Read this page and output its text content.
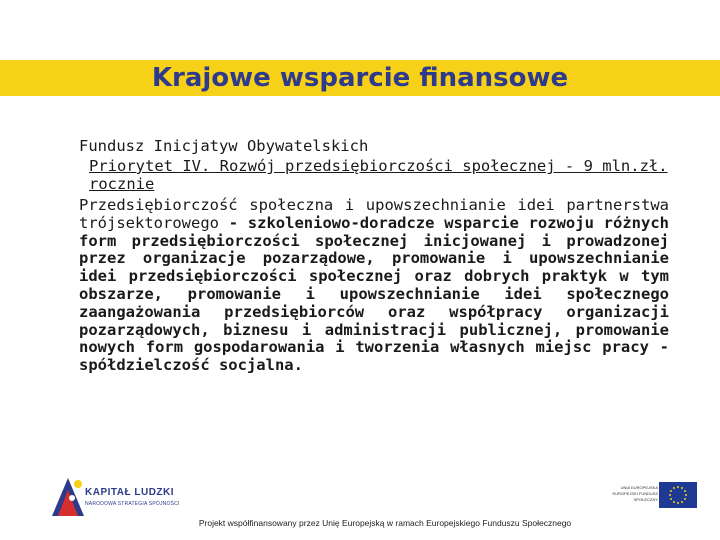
Krajowe wsparcie finansowe
Fundusz Inicjatyw Obywatelskich
Priorytet IV. Rozwój przedsiębiorczości społecznej - 9 mln.zł. rocznie
Przedsiębiorczość społeczna i upowszechnianie idei partnerstwa trójsektorowego - szkoleniowo-doradcze wsparcie rozwoju różnych form przedsiębiorczości społecznej inicjowanej i prowadzonej przez organizacje pozarządowe, promowanie i upowszechnianie idei przedsiębiorczości społecznej oraz dobrych praktyk w tym obszarze, promowanie i upowszechnianie idei społecznego zaangażowania przedsiębiorców oraz współpracy organizacji pozarządowych, biznesu i administracji publicznej, promowanie nowych form gospodarowania i tworzenia własnych miejsc pracy - spółdzielczość socjalna.
KAPITAŁ LUDZKI
NARODOWA STRATEGIA SPÓJNOŚCI
UNIA EUROPEJSKA EUROPEJSKI FUNDUSZ SPOŁECZNY
Projekt współfinansowany przez Unię Europejską w ramach Europejskiego Funduszu Społecznego
